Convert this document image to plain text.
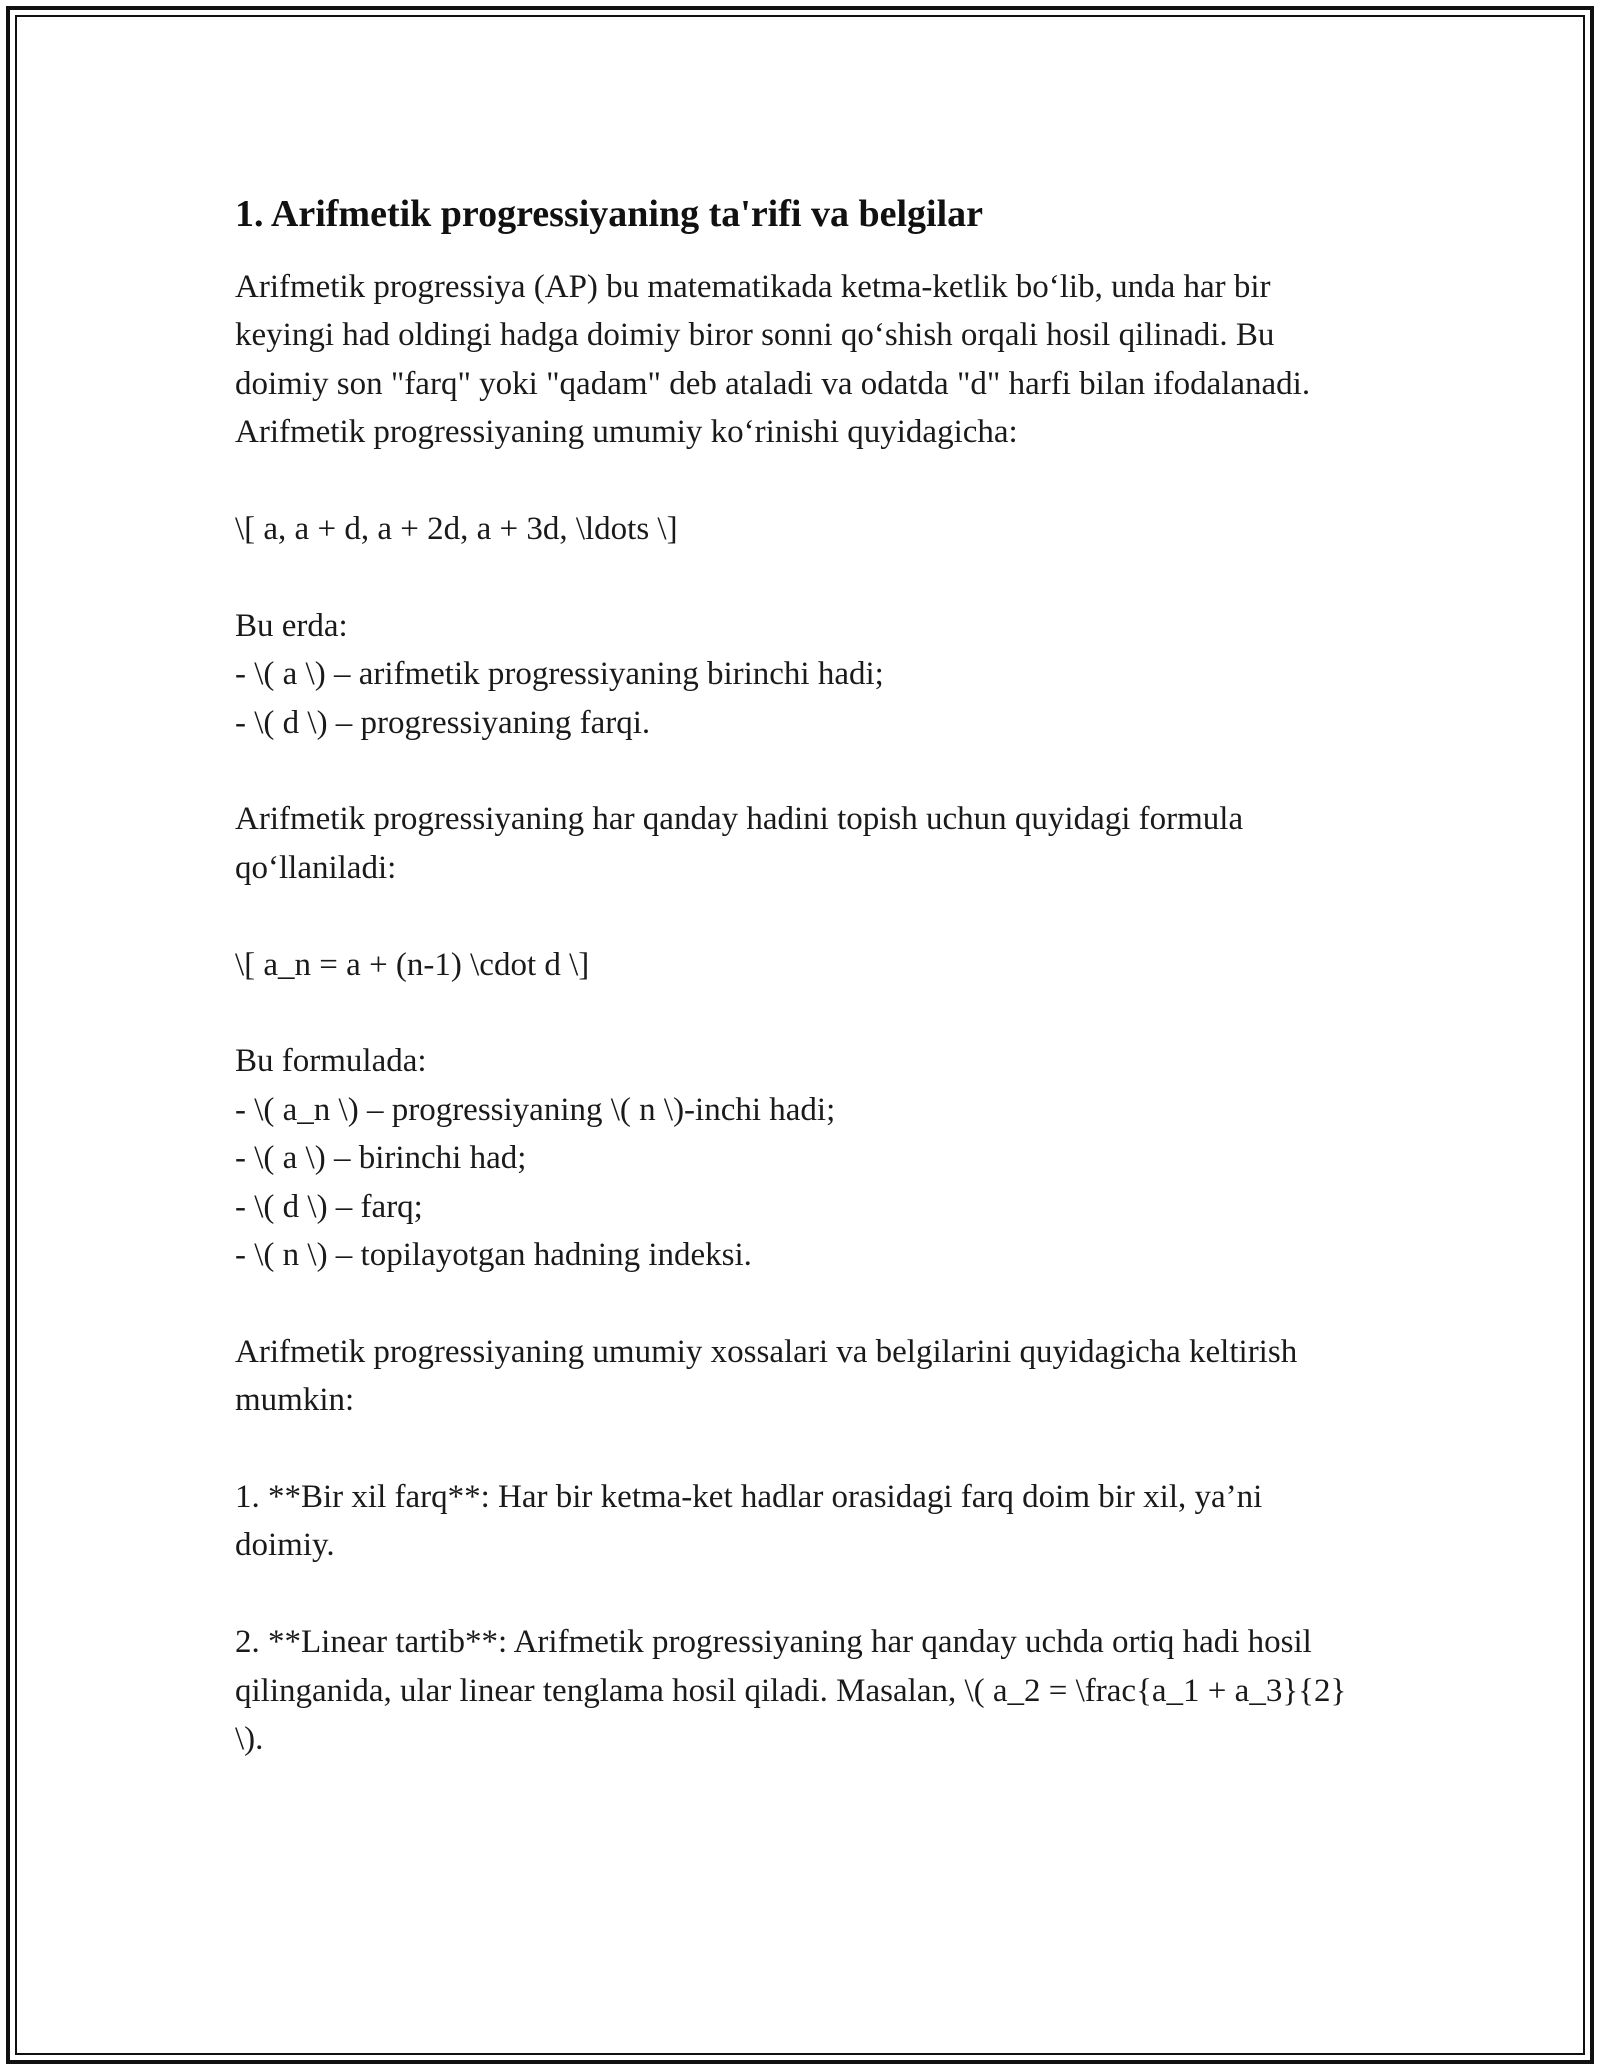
1. Arifmetik progressiyaning ta'rifi va belgilar

Arifmetik progressiya (AP) bu matematikada ketma-ketlik bo‘lib, unda har bir keyingi had oldingi hadga doimiy biror sonni qo‘shish orqali hosil qilinadi. Bu doimiy son "farq" yoki "qadam" deb ataladi va odatda "d" harfi bilan ifodalanadi. Arifmetik progressiyaning umumiy ko‘rinishi quyidagicha:

\[ a, a + d, a + 2d, a + 3d, \ldots \]

Bu erda:
- \( a \) – arifmetik progressiyaning birinchi hadi;
- \( d \) – progressiyaning farqi.

Arifmetik progressiyaning har qanday hadini topish uchun quyidagi formula qo‘llaniladi:

\[ a_n = a + (n-1) \cdot d \]

Bu formulada:
- \( a_n \) – progressiyaning \( n \)-inchi hadi;
- \( a \) – birinchi had;
- \( d \) – farq;
- \( n \) – topilayotgan hadning indeksi.

Arifmetik progressiyaning umumiy xossalari va belgilarini quyidagicha keltirish mumkin:

1. **Bir xil farq**: Har bir ketma-ket hadlar orasidagi farq doim bir xil, ya’ni doimiy.

2. **Linear tartib**: Arifmetik progressiyaning har qanday uchda ortiq hadi hosil qilinganida, ular linear tenglama hosil qiladi. Masalan, \( a_2 = \frac{a_1 + a_3}{2} \).
